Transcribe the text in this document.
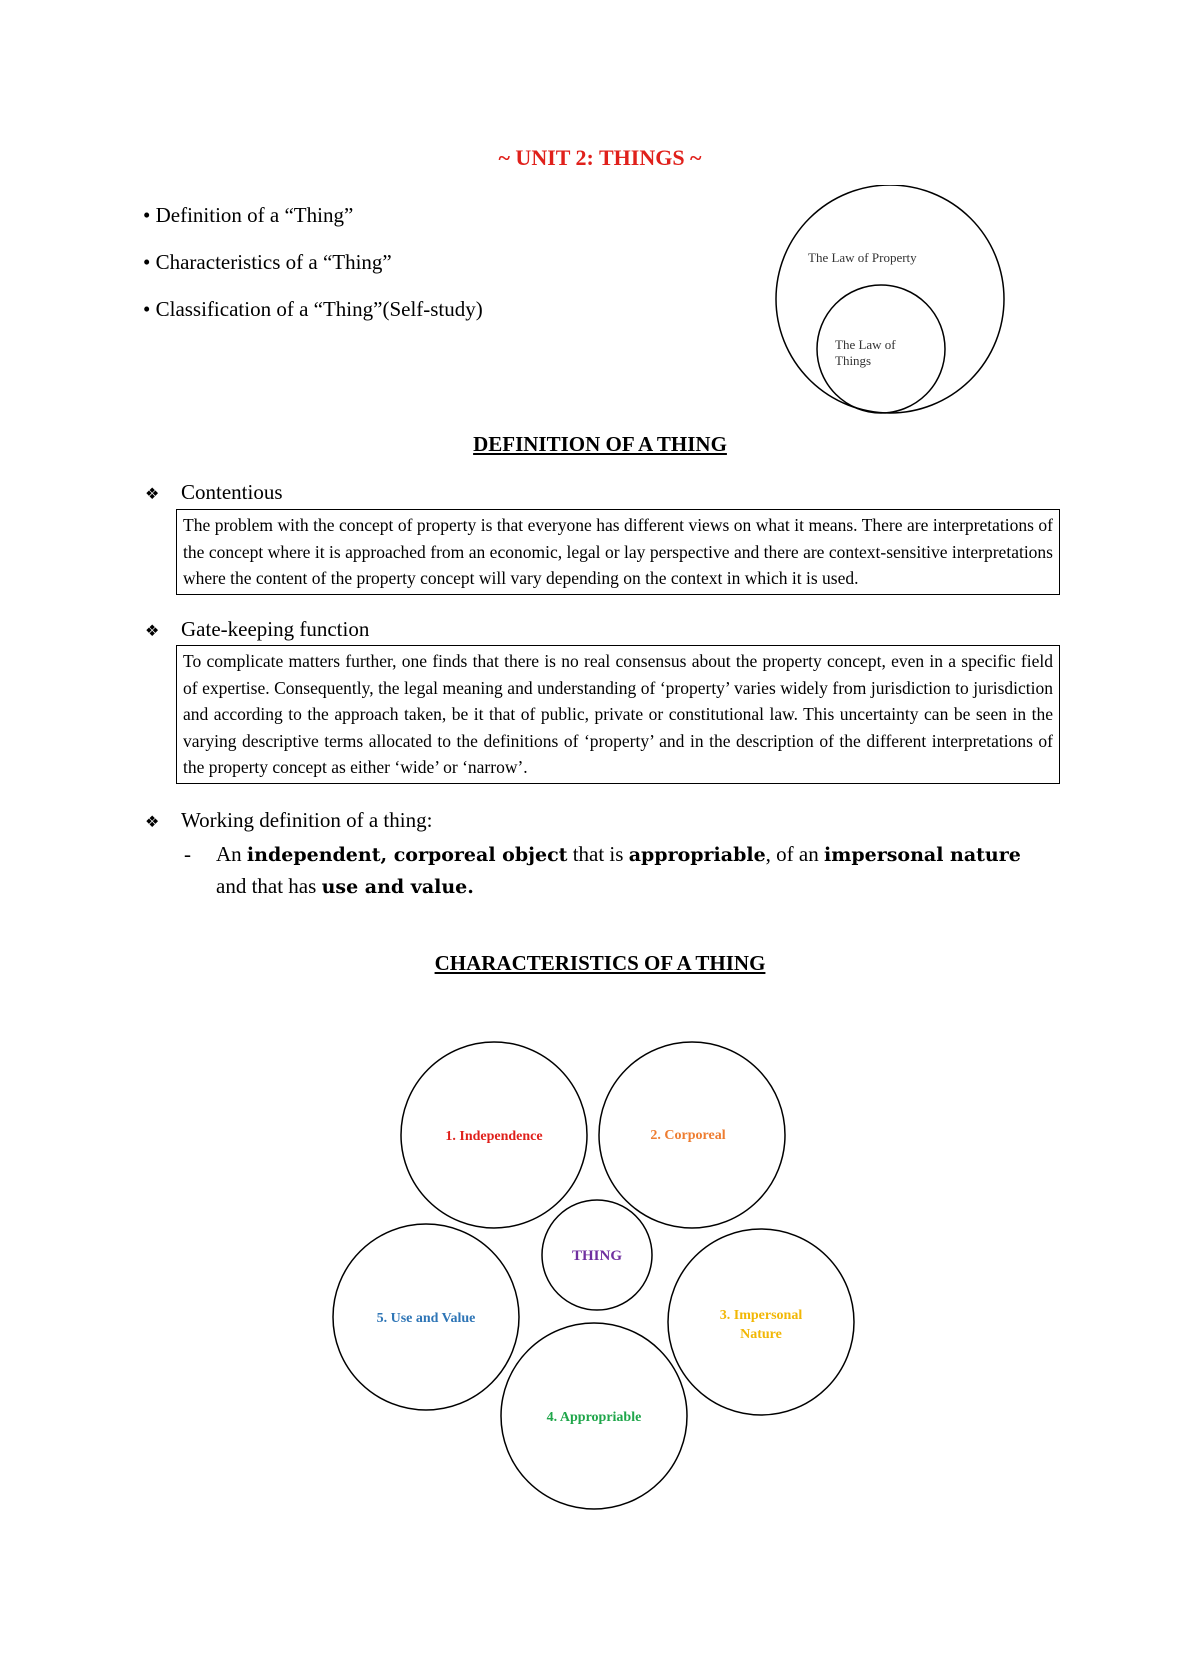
~ UNIT 2: THINGS ~
• Definition of a “Thing”
• Characteristics of a “Thing”
• Classification of a “Thing”(Self-study)
The Law of Property
The Law of
Things
DEFINITION OF A THING
❖ Contentious
The problem with the concept of property is that everyone has different views on what it means. There are interpretations of the concept where it is approached from an economic, legal or lay perspective and there are context-sensitive interpretations where the content of the property concept will vary depending on the context in which it is used.
❖ Gate-keeping function
To complicate matters further, one finds that there is no real consensus about the property concept, even in a specific field of expertise. Consequently, the legal meaning and understanding of ‘property’ varies widely from jurisdiction to jurisdiction and according to the approach taken, be it that of public, private or constitutional law. This uncertainty can be seen in the varying descriptive terms allocated to the definitions of ‘property’ and in the description of the different interpretations of the property concept as either ‘wide’ or ‘narrow’.
❖ Working definition of a thing:
- An independent, corporeal object that is appropriable, of an impersonal nature
and that has use and value.
CHARACTERISTICS OF A THING
THING
1. Independence	2. Corporeal
3. Impersonal
Nature
4. Appropriable
5. Use and Value
